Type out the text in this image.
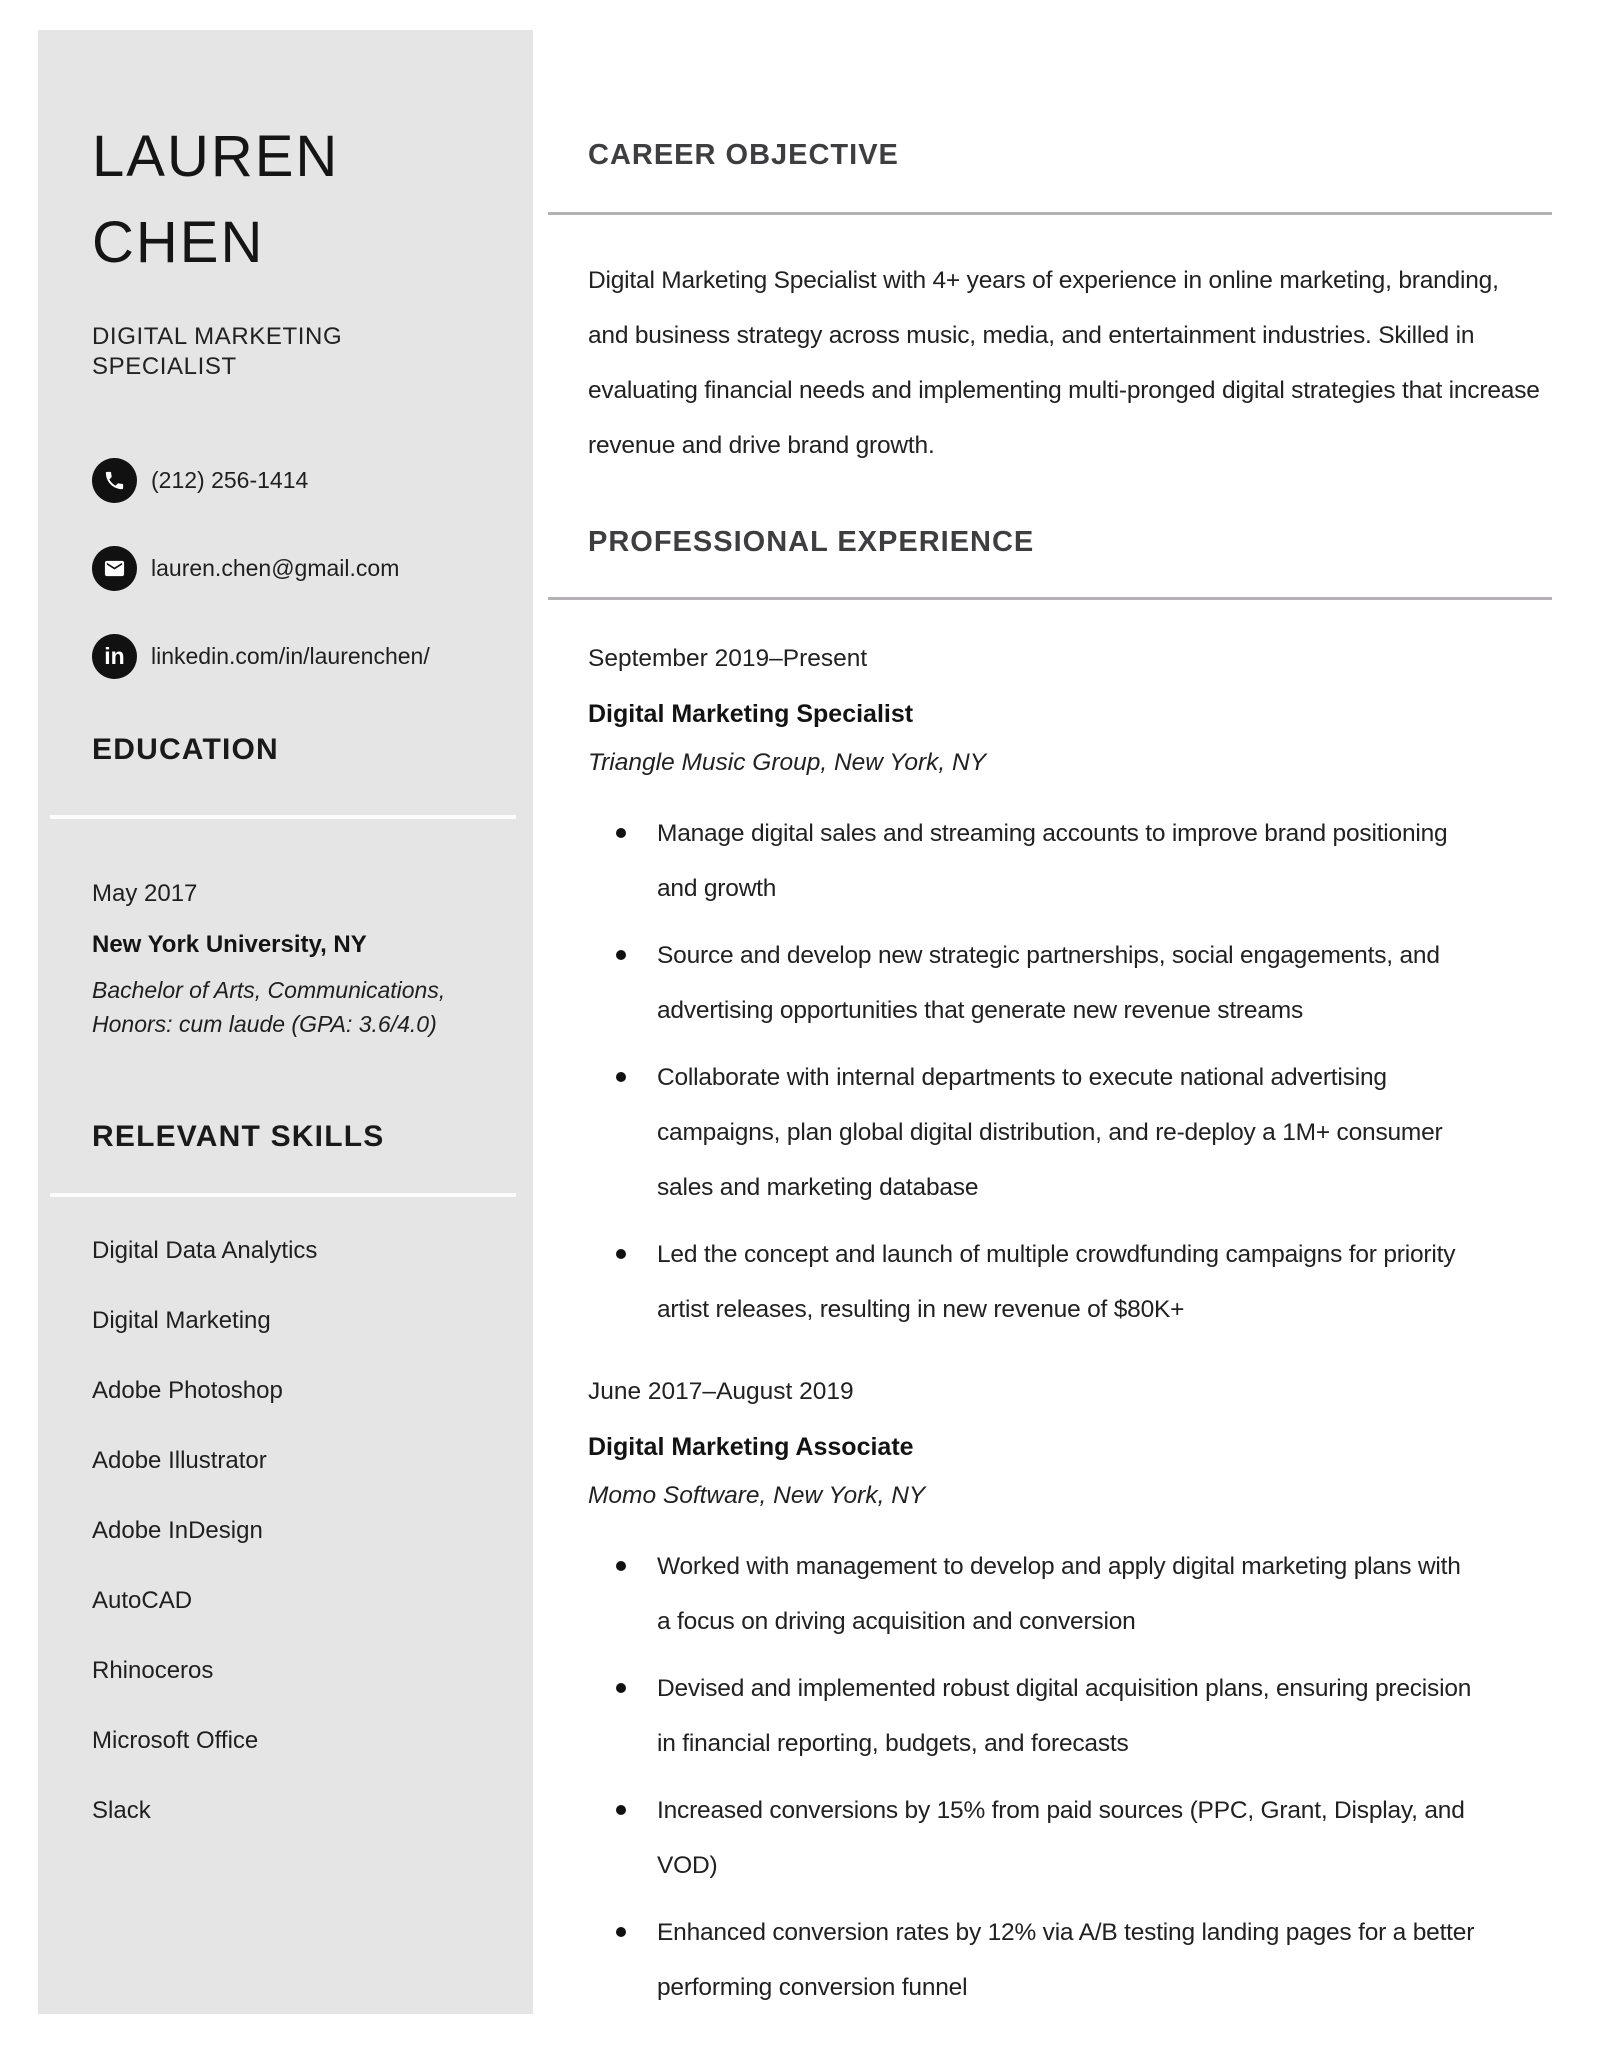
LAUREN
CHEN
DIGITAL MARKETING SPECIALIST
(212) 256-1414
lauren.chen@gmail.com
in linkedin.com/in/laurenchen/
EDUCATION
May 2017
New York University, NY
Bachelor of Arts, Communications,
Honors: cum laude (GPA: 3.6/4.0)
RELEVANT SKILLS
Digital Data Analytics
Digital Marketing
Adobe Photoshop
Adobe Illustrator
Adobe InDesign
AutoCAD
Rhinoceros
Microsoft Office
Slack
CAREER OBJECTIVE

Digital Marketing Specialist with 4+ years of experience in online marketing, branding, and business strategy across music, media, and entertainment industries. Skilled in evaluating financial needs and implementing multi-pronged digital strategies that increase revenue and drive brand growth.

PROFESSIONAL EXPERIENCE
September 2019–Present
Digital Marketing Specialist
Triangle Music Group, New York, NY
Manage digital sales and streaming accounts to improve brand positioning and growth
Source and develop new strategic partnerships, social engagements, and advertising opportunities that generate new revenue streams
Collaborate with internal departments to execute national advertising campaigns, plan global digital distribution, and re-deploy a 1M+ consumer sales and marketing database
Led the concept and launch of multiple crowdfunding campaigns for priority artist releases, resulting in new revenue of $80K+
June 2017–August 2019
Digital Marketing Associate
Momo Software, New York, NY
Worked with management to develop and apply digital marketing plans with a focus on driving acquisition and conversion
Devised and implemented robust digital acquisition plans, ensuring precision in financial reporting, budgets, and forecasts
Increased conversions by 15% from paid sources (PPC, Grant, Display, and VOD)
Enhanced conversion rates by 12% via A/B testing landing pages for a better performing conversion funnel
